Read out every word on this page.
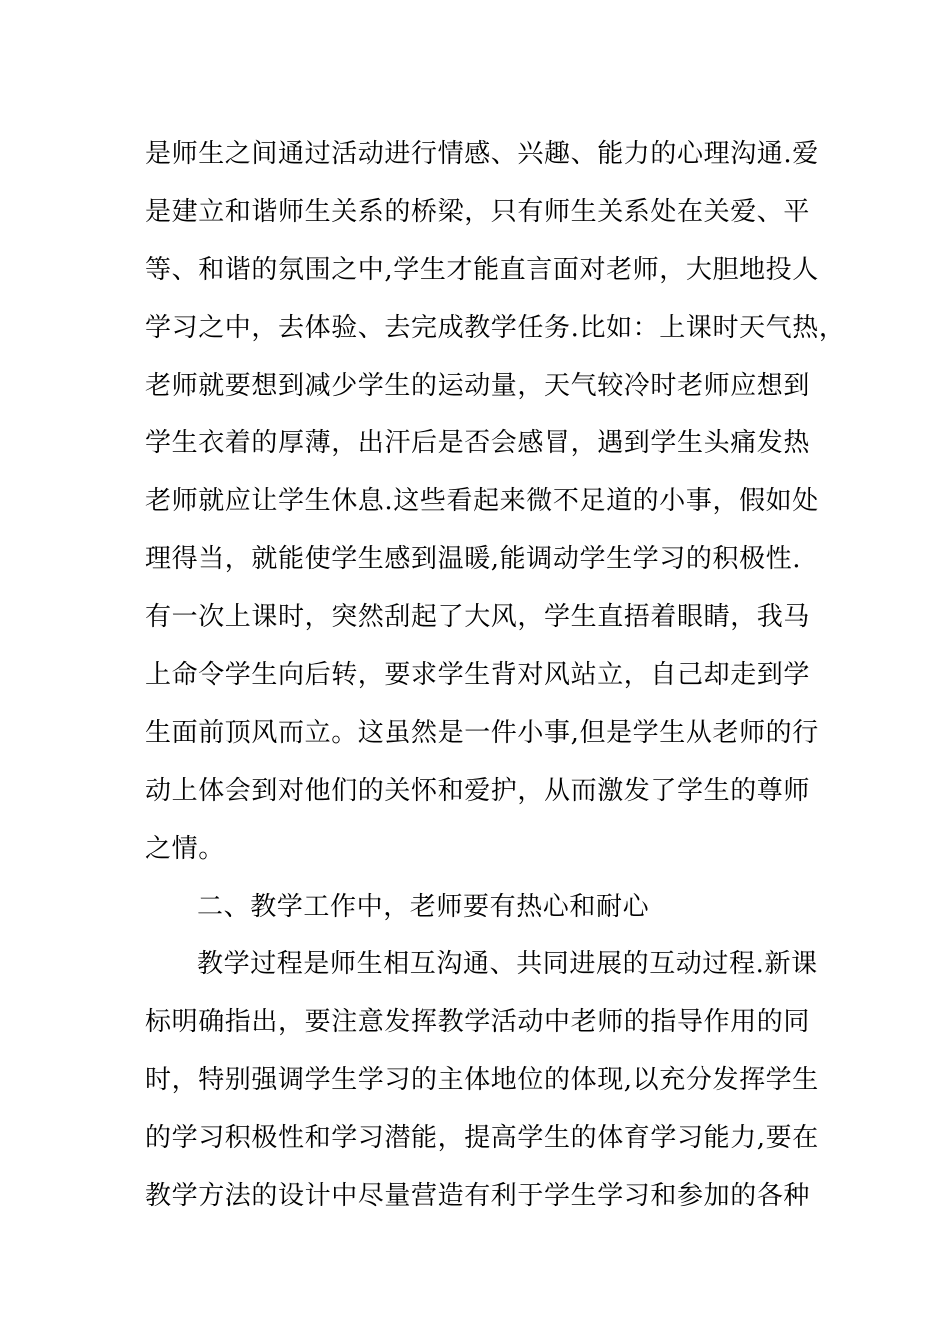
是师生之间通过活动进行情感、兴趣、能力的心理沟通.爱
是建立和谐师生关系的桥梁，只有师生关系处在关爱、平
等、和谐的氛围之中,学生才能直言面对老师，大胆地投人
学习之中，去体验、去完成教学任务.比如：上课时天气热，
老师就要想到减少学生的运动量，天气较冷时老师应想到
学生衣着的厚薄，出汗后是否会感冒，遇到学生头痛发热
老师就应让学生休息.这些看起来微不足道的小事，假如处
理得当，就能使学生感到温暖,能调动学生学习的积极性.
有一次上课时，突然刮起了大风，学生直捂着眼睛，我马
上命令学生向后转，要求学生背对风站立，自己却走到学
生面前顶风而立。这虽然是一件小事,但是学生从老师的行
动上体会到对他们的关怀和爱护，从而激发了学生的尊师
之情。
二、教学工作中，老师要有热心和耐心
教学过程是师生相互沟通、共同进展的互动过程.新课
标明确指出，要注意发挥教学活动中老师的指导作用的同
时，特别强调学生学习的主体地位的体现,以充分发挥学生
的学习积极性和学习潜能，提高学生的体育学习能力,要在
教学方法的设计中尽量营造有利于学生学习和参加的各种
